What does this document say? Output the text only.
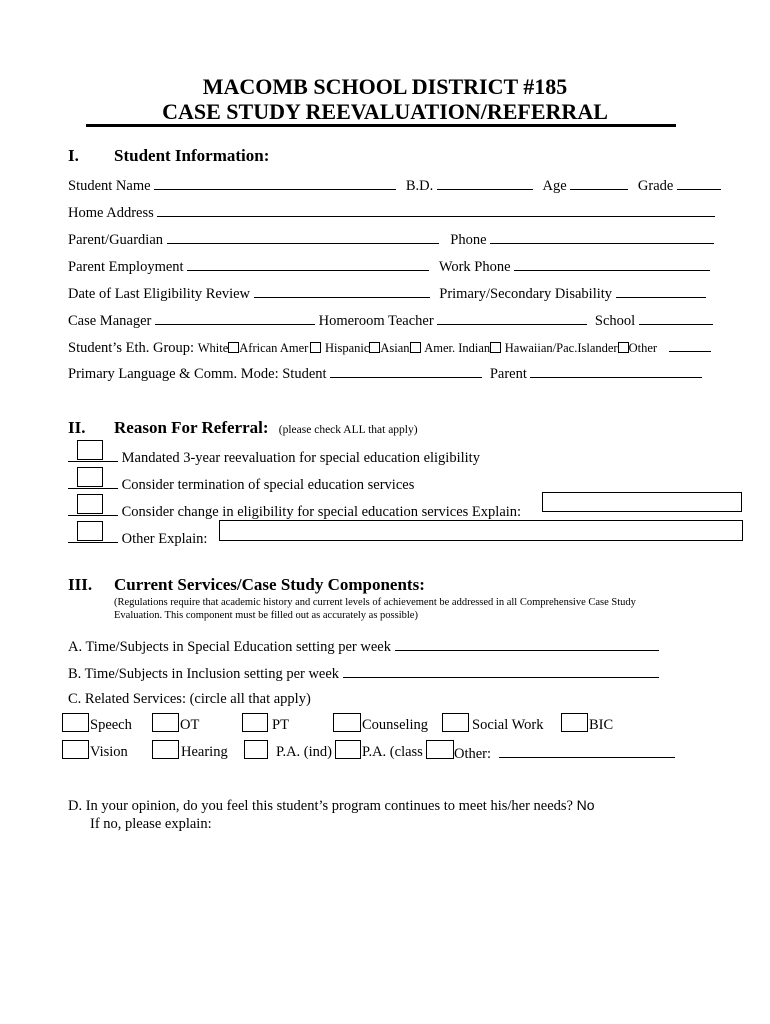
MACOMB SCHOOL DISTRICT #185
CASE STUDY REEVALUATION/REFERRAL
I. Student Information:
Student Name	B.D.	Age	Grade
Home Address
Parent/Guardian	Phone
Parent Employment	Work Phone
Date of Last Eligibility Review	Primary/Secondary Disability
Case Manager	Homeroom Teacher	School
Student’s Eth. Group: White African Amer Hispanic Asian Amer. Indian Hawaiian/Pac.Islander Other
Primary Language & Comm. Mode: Student	Parent
II. Reason For Referral: (please check ALL that apply)
Mandated 3-year reevaluation for special education eligibility
Consider termination of special education services
Consider change in eligibility for special education services Explain:
Other Explain:
III. Current Services/Case Study Components:
(Regulations require that academic history and current levels of achievement be addressed in all Comprehensive Case Study
Evaluation. This component must be filled out as accurately as possible)
A. Time/Subjects in Special Education setting per week
B. Time/Subjects in Inclusion setting per week
C. Related Services: (circle all that apply)
Speech	OT	PT	Counseling	Social Work	BIC
Vision	Hearing	P.A. (ind) P.A. (class Other:
D. In your opinion, do you feel this student’s program continues to meet his/her needs? No
If no, please explain:
